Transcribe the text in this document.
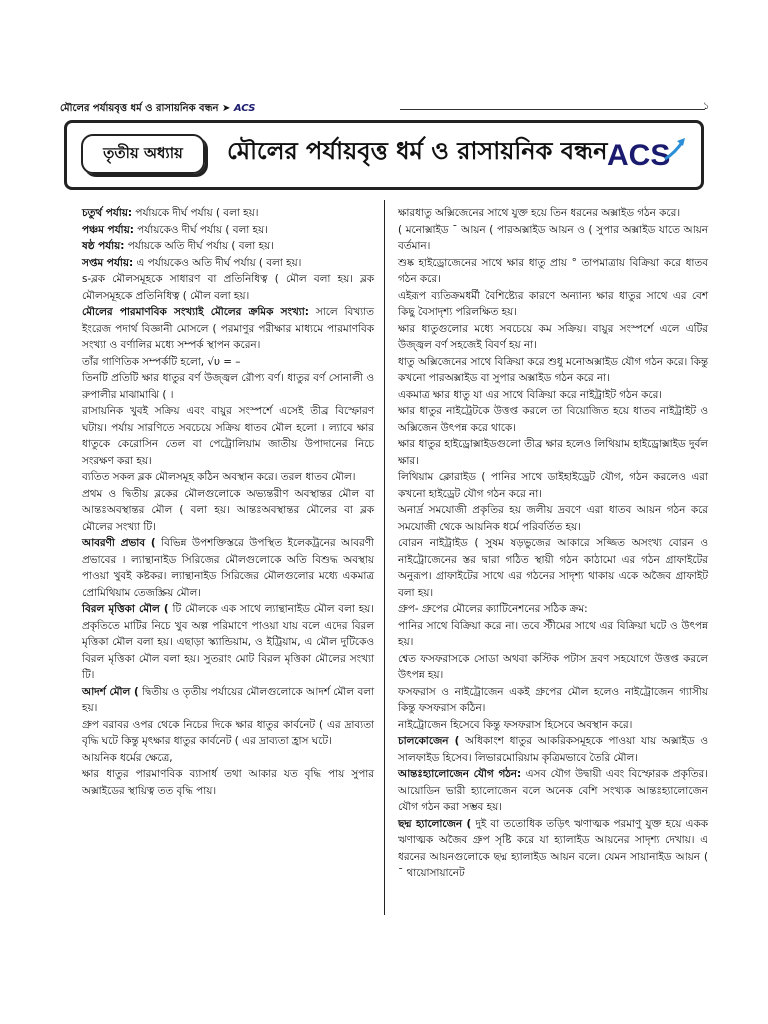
মৌলের পর্যায়বৃত্ত ধর্ম ও রাসায়নিক বন্ধন ➤ ACS	১
তৃতীয় অধ্যায়	মৌলের পর্যায়বৃত্ত ধর্ম ও রাসায়নিক বন্ধন ACS

চতুর্থ পর্যায়: পর্যায়কে দীর্ঘ পর্যায় ( বলা হয়।

পঞ্চম পর্যায়: পর্যায়কেও দীর্ঘ পর্যায় ( বলা হয়।

ষষ্ঠ পর্যায়: পর্যায়কে অতি দীর্ঘ পর্যায় ( বলা হয়।

সপ্তম পর্যায়: এ পর্যায়কেও অতি দীর্ঘ পর্যায় ( বলা হয়।

s-ব্লক মৌলসমূহকে সাধারণ বা প্রতিনিধিত্ব ( মৌল বলা হয়। ব্লক মৌলসমূহকে প্রতিনিধিত্ব ( মৌল বলা হয়।

মৌলের পারমাণবিক সংখ্যাই মৌলের ক্রমিক সংখ্যা: সালে বিখ্যাত ইংরেজ পদার্থ বিজ্ঞানী মোসলে ( পরমাণুর পরীক্ষার মাধ্যমে পারমাণবিক সংখ্যা ও বর্ণালির মধ্যে সম্পর্ক স্থাপন করেন।

তাঁর গাণিতিক সম্পর্কটি হলো, √υ = –

তিনটি প্রতিটি ক্ষার ধাতুর বর্ণ উজ্জ্বল রৌপ্য বর্ণ। ধাতুর বর্ণ সোনালী ও রুপালীর মাঝামাঝি ( ।

রাসায়নিক খুবই সক্রিয় এবং বায়ুর সংস্পর্শে এসেই তীব্র বিস্ফোরণ ঘটায়। পর্যায় সারণিতে সবচেয়ে সক্রিয় ধাতব মৌল হলো । ল্যাবে ক্ষার ধাতুকে কেরোসিন তেল বা পেট্রোলিয়াম জাতীয় উপাদানের নিচে সংরক্ষণ করা হয়।

ব্যতিত সকল ব্লক মৌলসমূহ কঠিন অবস্থান করে। তরল ধাতব মৌল।

প্রথম ও দ্বিতীয় ব্লকের মৌলগুলোকে অভ্যন্তরীণ অবস্থান্তর মৌল বা আন্তঃঅবস্থান্তর মৌল ( বলা হয়। আন্তঃঅবস্থান্তর মৌলের বা ব্লক মৌলের সংখ্যা টি।

আবরণী প্রভাব ( বিভিন্ন উপশক্তিস্তরে উপস্থিত ইলেকট্রনের আবরণী প্রভাবের । ল্যান্থানাইড সিরিজের মৌলগুলোকে অতি বিশুদ্ধ অবস্থায় পাওয়া খুবই কষ্টকর। ল্যান্থানাইড সিরিজের মৌলগুলোর মধ্যে একমাত্র প্রোমিথিয়াম তেজস্ক্রিয় মৌল।

বিরল মৃত্তিকা মৌল ( টি মৌলকে এক সাথে ল্যান্থানাইড মৌল বলা হয়। প্রকৃতিতে মাটির নিচে খুব অল্প পরিমাণে পাওয়া যায় বলে এদের বিরল মৃত্তিকা মৌল বলা হয়। এছাড়া স্ক্যান্ডিয়াম, ও ইট্রিয়াম, এ মৌল দুটিকেও বিরল মৃত্তিকা মৌল বলা হয়। সুতরাং মোট বিরল মৃত্তিকা মৌলের সংখ্যা টি।

আদর্শ মৌল ( দ্বিতীয় ও তৃতীয় পর্যায়ের মৌলগুলোকে আদর্শ মৌল বলা হয়।

গ্রুপ বরাবর ওপর থেকে নিচের দিকে ক্ষার ধাতুর কার্বনেট ( এর দ্রাব্যতা বৃদ্ধি ঘটে কিন্তু মৃৎক্ষার ধাতুর কার্বনেট ( এর দ্রাব্যতা হ্রাস ঘটে।

আয়নিক ধর্মের ক্ষেত্রে,

ক্ষার ধাতুর পারমাণবিক ব্যাসার্ধ তথা আকার যত বৃদ্ধি পায় সুপার অক্সাইডের স্থায়িত্ব তত বৃদ্ধি পায়।

ক্ষারধাতু অক্সিজেনের সাথে যুক্ত হয়ে তিন ধরনের অক্সাইড গঠন করে।

( মনোক্সাইড ¯ আয়ন ( পারঅক্সাইড আয়ন ও ( সুপার অক্সাইড যাতে আয়ন বর্তমান।

শুষ্ক হাইড্রোজেনের সাথে ক্ষার ধাতু প্রায় ° তাপমাত্রায় বিক্রিয়া করে ধাতব গঠন করে।

এইরূপ ব্যতিক্রমধর্মী বৈশিষ্ট্যের কারণে অন্যান্য ক্ষার ধাতুর সাথে এর বেশ কিছু বৈসাদৃশ্য পরিলক্ষিত হয়।

ক্ষার ধাতুগুলোর মধ্যে সবচেয়ে কম সক্রিয়। বায়ুর সংস্পর্শে এলে এটির উজ্জ্বল বর্ণ সহজেই বিবর্ণ হয় না।

ধাতু অক্সিজেনের সাথে বিক্রিয়া করে শুধু মনোঅক্সাইড যৌগ গঠন করে। কিন্তু কখনো পারঅক্সাইড বা সুপার অক্সাইড গঠন করে না।

একমাত্র ক্ষার ধাতু যা এর সাথে বিক্রিয়া করে নাইট্রাইট গঠন করে।

ক্ষার ধাতুর নাইট্রেটকে উত্তপ্ত করলে তা বিয়োজিত হয়ে ধাতব নাইট্রাইট ও অক্সিজেন উৎপন্ন করে থাকে।

ক্ষার ধাতুর হাইড্রোক্সাইডগুলো তীব্র ক্ষার হলেও লিথিয়াম হাইড্রোক্সাইড দুর্বল ক্ষার।

লিথিয়াম ক্লোরাইড ( পানির সাথে ডাইহাইড্রেট যৌগ, গঠন করলেও এরা কখনো হাইড্রেট যৌগ গঠন করে না।

অনার্দ্র সমযোজী প্রকৃতির হয় জলীয় দ্রবণে এরা ধাতব আয়ন গঠন করে সমযোজী থেকে আয়নিক ধর্মে পরিবর্তিত হয়।

বোরন নাইট্রাইড ( সুষম ষড়ভুজের আকারে সজ্জিত অসংখ্য বোরন ও নাইট্রোজেনের স্তর দ্বারা গঠিত স্থায়ী গঠন কাঠামো এর গঠন গ্রাফাইটের অনুরূপ। গ্রাফাইটের সাথে এর গঠনের সাদৃশ্য থাকায় একে অজৈব গ্রাফাইট বলা হয়।

গ্রুপ- গ্রুপের মৌলের ক্যাটিনেশনের সঠিক ক্রম:

পানির সাথে বিক্রিয়া করে না। তবে স্টীমের সাথে এর বিক্রিয়া ঘটে ও উৎপন্ন হয়।

শ্বেত ফসফরাসকে সোডা অথবা কস্টিক পটাস দ্রবণ সহযোগে উত্তপ্ত করলে উৎপন্ন হয়।

ফসফরাস ও নাইট্রোজেন একই গ্রুপের মৌল হলেও নাইট্রোজেন গ্যাসীয় কিন্তু ফসফরাস কঠিন।

নাইট্রোজেন হিসেবে কিন্তু ফসফরাস হিসেবে অবস্থান করে।

চালকোজেন ( অধিকাংশ ধাতুর আকরিকসমূহকে পাওয়া যায় অক্সাইড ও সালফাইড হিসেব। লিভারমোরিয়াম কৃত্রিমভাবে তৈরি মৌল।

আন্তঃহ্যালোজেন যৌগ গঠন: এসব যৌগ উদ্বায়ী এবং বিস্ফোরক প্রকৃতির। আয়োডিন ভারী হ্যালোজেন বলে অনেক বেশি সংখ্যক আন্তঃহ্যালোজেন যৌগ গঠন করা সম্ভব হয়।

ছদ্ম হ্যালোজেন ( দুই বা ততোধিক তড়িৎ ঋণাত্মক পরমাণু যুক্ত হয়ে একক ঋণাত্মক অজৈব গ্রুপ সৃষ্টি করে যা হ্যালাইড আয়নের সাদৃশ্য দেখায়। এ ধরনের আয়নগুলোকে ছদ্ম হ্যালাইড আয়ন বলে। যেমন সায়ানাইড আয়ন ( ¯ থায়োসায়ানেট
